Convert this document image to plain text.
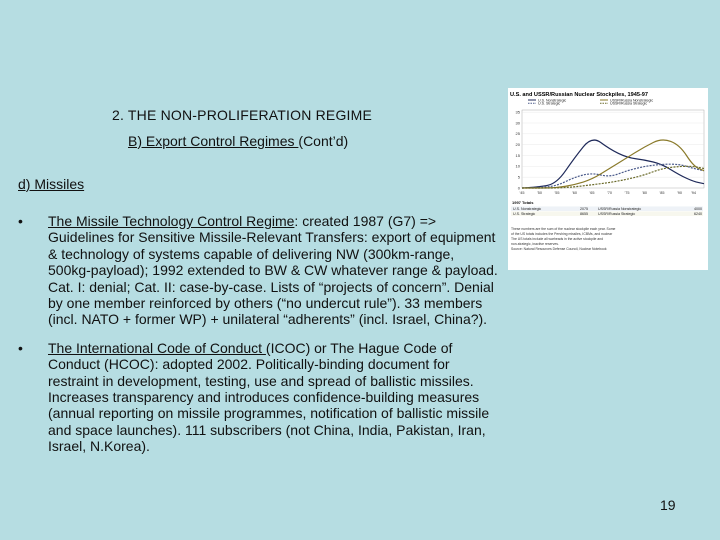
2. THE NON-PROLIFERATION REGIME
B) Export Control Regimes (Cont’d)
d) Missiles
• The Missile Technology Control Regime: created 1987 (G7) => Guidelines for Sensitive Missile-Relevant Transfers: export of equipment & technology of systems capable of delivering NW (300km-range, 500kg-payload); 1992 extended to BW & CW whatever range & payload. Cat. I: denial; Cat. II: case-by-case. Lists of “projects of concern”. Denial by one member reinforced by others (“no undercut rule”). 33 members (incl. NATO + former WP) + unilateral “adherents” (incl. Israel, China?).
• The International Code of Conduct (ICOC) or The Hague Code of Conduct (HCOC): adopted 2002. Politically-binding document for restraint in development, testing, use and spread of ballistic missiles. Increases transparency and introduces confidence-building measures (annual reporting on missile programmes, notification of ballistic missile and space launches). 111 subscribers (not China, India, Pakistan, Iran, Israel, N.Korea).
U.S. and USSR/Russian Nuclear Stockpiles, 1945-97
U.S. Nonstrategic
U.S. Strategic
USSR/Russia Nonstrategic
USSR/Russia Strategic
’45	’50	’55	’60	’65	’70	’75	’80	’85	’90 ’94
0
5
10
15
20
25
30
35
1997 Totals
U.S. Nonstrategic	2075	USSR/Russia Nonstrategic	4000
U.S. Strategic	8655	USSR/Russia Strategic	6240
These numbers are the sum of the nuclear stockpile each year. Some
of the US totals includes the Pershing missiles, ICBMs, and nuclear
The US totals include all warheads in the active stockpile and
non-strategic, inactive reserves.
Source: Natural Resources Defense Council, Nuclear Notebook
19
